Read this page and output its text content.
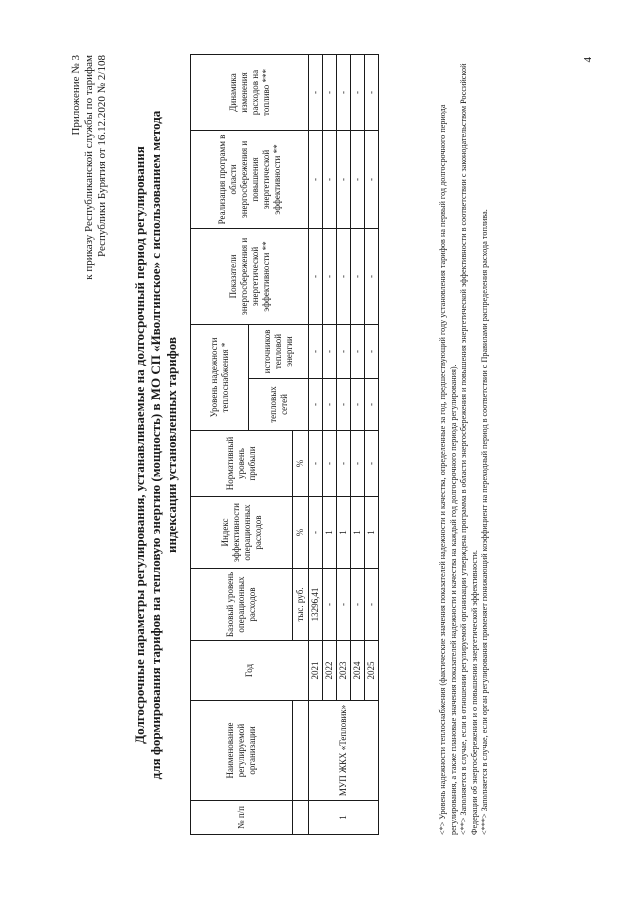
Приложение № 3 к приказу Республиканской службы по тарифам Республики Бурятия от 16.12.2020 № 2/108 Долгосрочные параметры регулирования, устанавливаемые на долгосрочный период регулирования для формирования тарифов на тепловую энергию (мощность) в МО СП «Иволгинское» с использованием метода индексации установленных тарифов
№ п/п	Наименование регулируемой организации	Год	Базовый уровень операционных расходов	Индекс эффективности операционных расходов	Нормативный уровень прибыли	Уровень надежности теплоснабжения *		Показатели энергосбережения и энергетической эффективности **	Реализация программ в области энергосбережения и повышения энергетической эффективности **	Динамика изменения расходов на топливо ***
						тепловых сетей	источников тепловой энергии			
			тыс. руб.	%	%					
1	МУП ЖКХ «Тепловик»	2021	13296,41	-	-	-	-	-	-	-
		2022	-	1	-	-	-	-	-	-
		2023	-	1	-	-	-	-	-	-
		2024	-	1	-	-	-	-	-	-
		2025	-	1	-	-	-	-	-	-

<*> Уровень надежности теплоснабжения (фактические значения показателей надежности и качества, определенные за год, предшествующий году установления тарифов на первый год долгосрочного периода регулирования, а также плановые значения показателей надежности и качества на каждый год долгосрочного периода регулирования). <**> Заполняется в случае, если в отношении регулируемой организации утверждена программа в области энергосбережения и повышения энергетической эффективности в соответствии с законодательством Российской Федерации об энергосбережении и о повышении энергетической эффективности. <***> Заполняется в случае, если орган регулирования применяет понижающий коэффициент на переходный период в соответствии с Правилами распределения расхода топлива.

4
